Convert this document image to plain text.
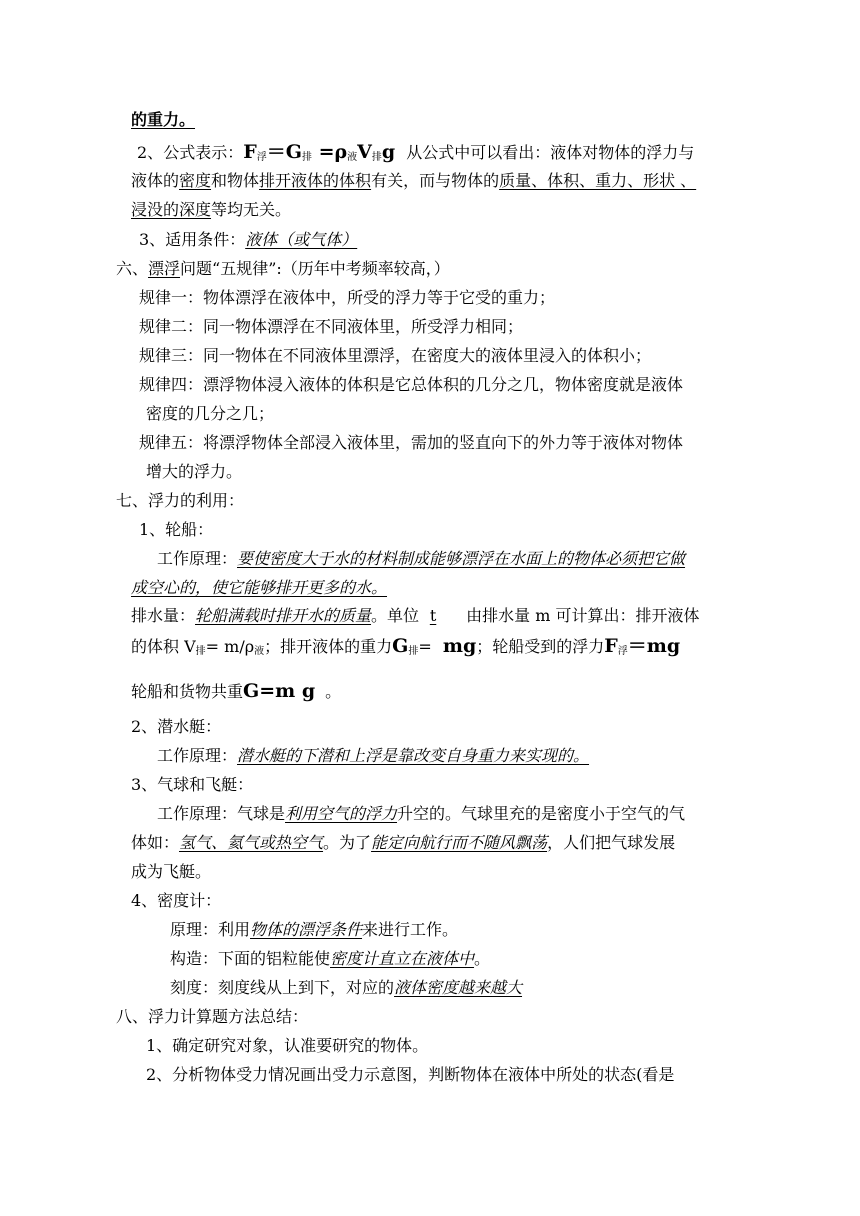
的重力。
2、公式表示：$F_浮=G_排 =\rho_液V_排g$ 从公式中可以看出：液体对物体的浮力与
液体的密度和物体排开液体的体积有关，而与物体的质量、体积、重力、形状 、
浸没的深度等均无关。
3、适用条件：液体（或气体）
六、漂浮问题“五规律”:（历年中考频率较高，）
规律一：物体漂浮在液体中，所受的浮力等于它受的重力；
规律二：同一物体漂浮在不同液体里，所受浮力相同；
规律三：同一物体在不同液体里漂浮，在密度大的液体里浸入的体积小；
规律四：漂浮物体浸入液体的体积是它总体积的几分之几，物体密度就是液体
密度的几分之几；
规律五：将漂浮物体全部浸入液体里，需加的竖直向下的外力等于液体对物体
增大的浮力。
七、浮力的利用：
1、轮船：
工作原理：要使密度大于水的材料制成能够漂浮在水面上的物体必须把它做
成空心的，使它能够排开更多的水。
排水量：轮船满载时排开水的质量。单位 t 由排水量 m 可计算出：排开液体
的体积 $V_排= m/\rho_液$；排开液体的重力$G_排=$ mg；轮船受到的浮力$F_浮=mg$
轮船和货物共重G=m g 。
2、潜水艇：
工作原理：潜水艇的下潜和上浮是靠改变自身重力来实现的。
3、气球和飞艇：
工作原理：气球是利用空气的浮力升空的。气球里充的是密度小于空气的气
体如：氢气、氦气或热空气。为了能定向航行而不随风飘荡，人们把气球发展
成为飞艇。
4、密度计：
原理：利用物体的漂浮条件来进行工作。
构造：下面的铝粒能使密度计直立在液体中。
刻度：刻度线从上到下，对应的液体密度越来越大
八、浮力计算题方法总结：
1、确定研究对象，认准要研究的物体。
2、分析物体受力情况画出受力示意图，判断物体在液体中所处的状态(看是
